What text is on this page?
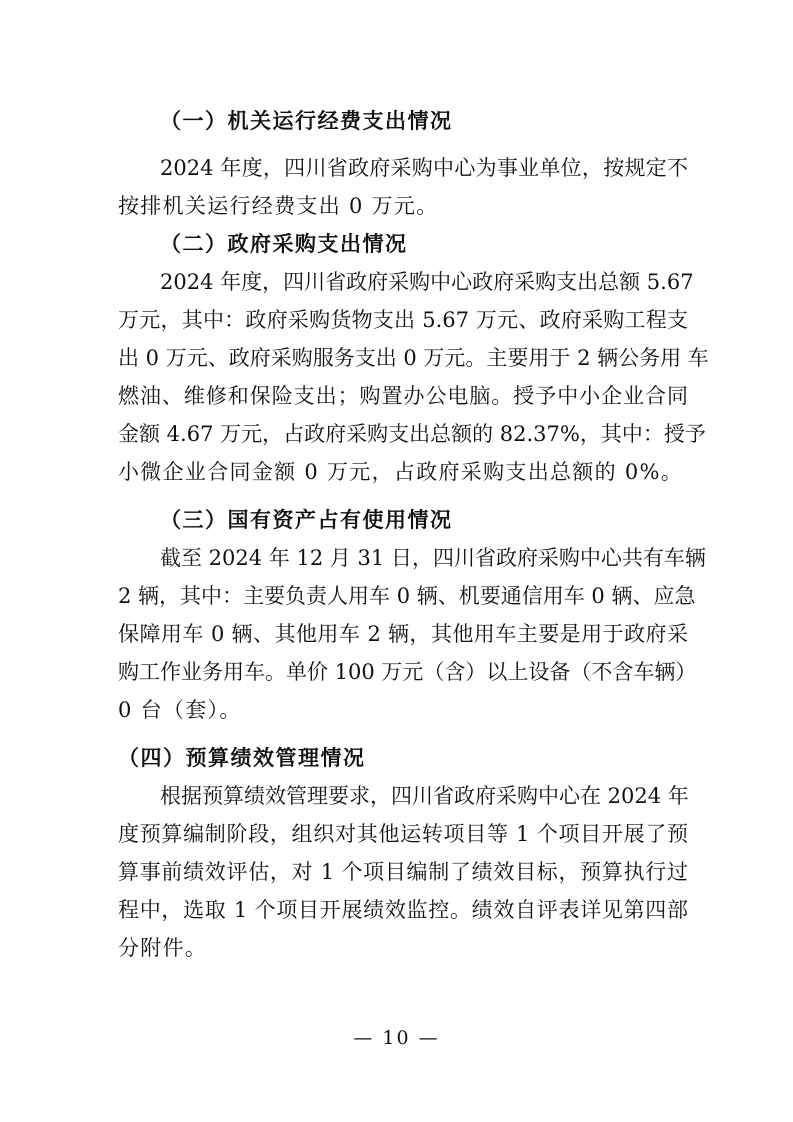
（一）机关运行经费支出情况
2024 年度，四川省政府采购中心为事业单位，按规定不
按排机关运行经费支出 0 万元。
（二）政府采购支出情况
2024 年度，四川省政府采购中心政府采购支出总额 5.67
万元，其中：政府采购货物支出 5.67 万元、政府采购工程支
出 0 万元、政府采购服务支出 0 万元。主要用于 2 辆公务用 车
燃油、维修和保险支出；购置办公电脑。授予中小企业合同
金额 4.67 万元，占政府采购支出总额的 82.37%，其中：授予
小微企业合同金额 0 万元，占政府采购支出总额的 0%。
（三）国有资产占有使用情况
截至 2024 年 12 月 31 日，四川省政府采购中心共有车辆
2 辆，其中：主要负责人用车 0 辆、机要通信用车 0 辆、应急
保障用车 0 辆、其他用车 2 辆，其他用车主要是用于政府采
购工作业务用车。单价 100 万元（含）以上设备（不含车辆）
0 台（套）。
（四）预算绩效管理情况
根据预算绩效管理要求，四川省政府采购中心在 2024 年
度预算编制阶段，组织对其他运转项目等 1 个项目开展了预
算事前绩效评估，对 1 个项目编制了绩效目标，预算执行过
程中，选取 1 个项目开展绩效监控。绩效自评表详见第四部
分附件。
— 10 —
